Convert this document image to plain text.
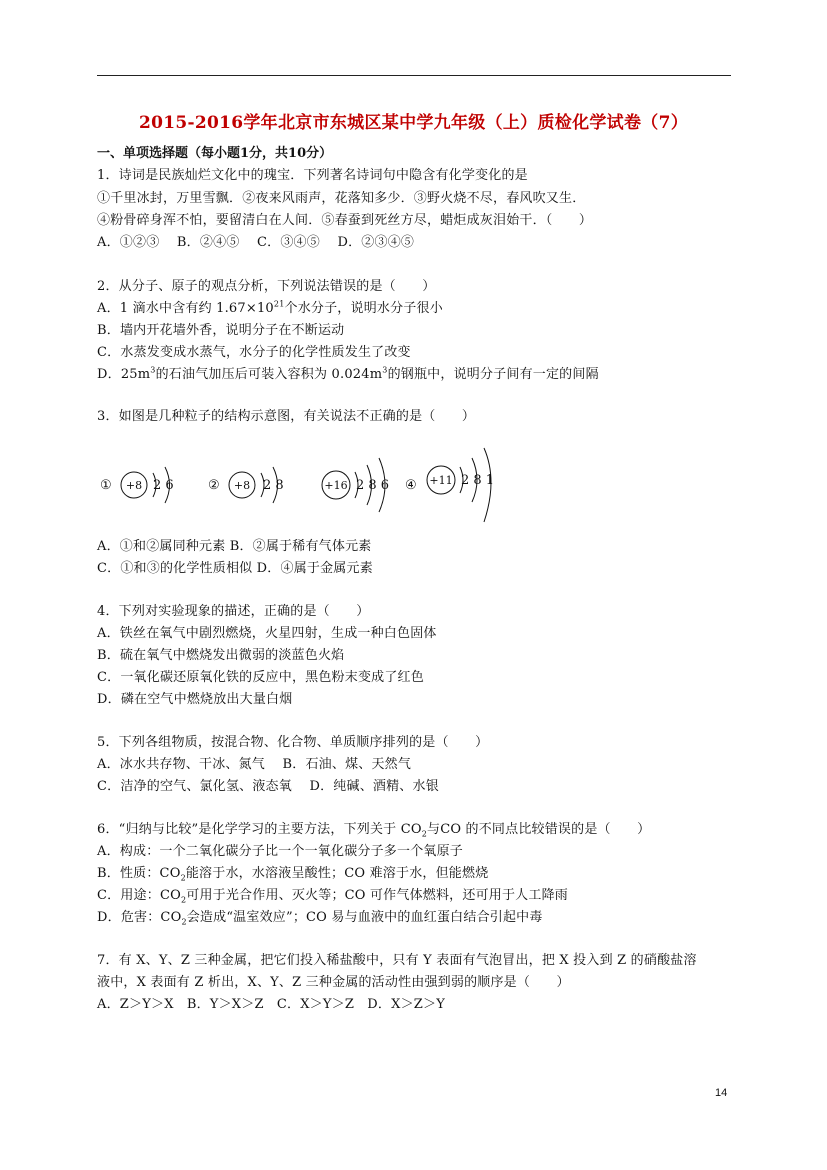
2015-2016学年北京市东城区某中学九年级（上）质检化学试卷（7）
一、单项选择题（每小题1分，共10分）
1．诗词是民族灿烂文化中的瑰宝．下列著名诗词句中隐含有化学变化的是
①千里冰封，万里雪飘．②夜来风雨声，花落知多少．③野火烧不尽，春风吹又生．
④粉骨碎身浑不怕，要留清白在人间．⑤春蚕到死丝方尽，蜡炬成灰泪始干．（　　）
A．①②③　 B．②④⑤　 C．③④⑤　 D．②③④⑤
2．从分子、原子的观点分析，下列说法错误的是（　　）
A．1 滴水中含有约 $1.67\times 10^{21}$个水分子，说明水分子很小
B．墙内开花墙外香，说明分子在不断运动
C．水蒸发变成水蒸气，水分子的化学性质发生了改变
D．$25m^3$的石油气加压后可装入容积为 $0.024m^3$的钢瓶中，说明分子间有一定的间隔
3．如图是几种粒子的结构示意图，有关说法不正确的是（　　）
① +8 2 6	② +8 2 8	+16 2 8 6 ④ +11 2 8 1
A．①和②属同种元素 B．②属于稀有气体元素
C．①和③的化学性质相似 D．④属于金属元素
4．下列对实验现象的描述，正确的是（　　）
A．铁丝在氧气中剧烈燃烧，火星四射，生成一种白色固体
B．硫在氧气中燃烧发出微弱的淡蓝色火焰
C．一氧化碳还原氧化铁的反应中，黑色粉末变成了红色
D．磷在空气中燃烧放出大量白烟
5．下列各组物质，按混合物、化合物、单质顺序排列的是（　　）
A．冰水共存物、干冰、氮气　 B．石油、煤、天然气
C．洁净的空气、氯化氢、液态氧　 D．纯碱、酒精、水银
6．“归纳与比较”是化学学习的主要方法，下列关于 $CO_2$与CO 的不同点比较错误的是（　　）
A．构成：一个二氧化碳分子比一个一氧化碳分子多一个氧原子
B．性质：$CO_2$能溶于水，水溶液呈酸性；CO 难溶于水，但能燃烧
C．用途：$CO_2$可用于光合作用、灭火等；CO 可作气体燃料，还可用于人工降雨
D．危害：$CO_2$会造成“温室效应”；CO 易与血液中的血红蛋白结合引起中毒
7．有 X、Y、Z 三种金属，把它们投入稀盐酸中，只有 Y 表面有气泡冒出，把 X 投入到 Z 的硝酸盐溶
液中，X 表面有 Z 析出，X、Y、Z 三种金属的活动性由强到弱的顺序是（　　）
A．Z＞Y＞X　B．Y＞X＞Z　C．X＞Y＞Z　D．X＞Z＞Y
14
